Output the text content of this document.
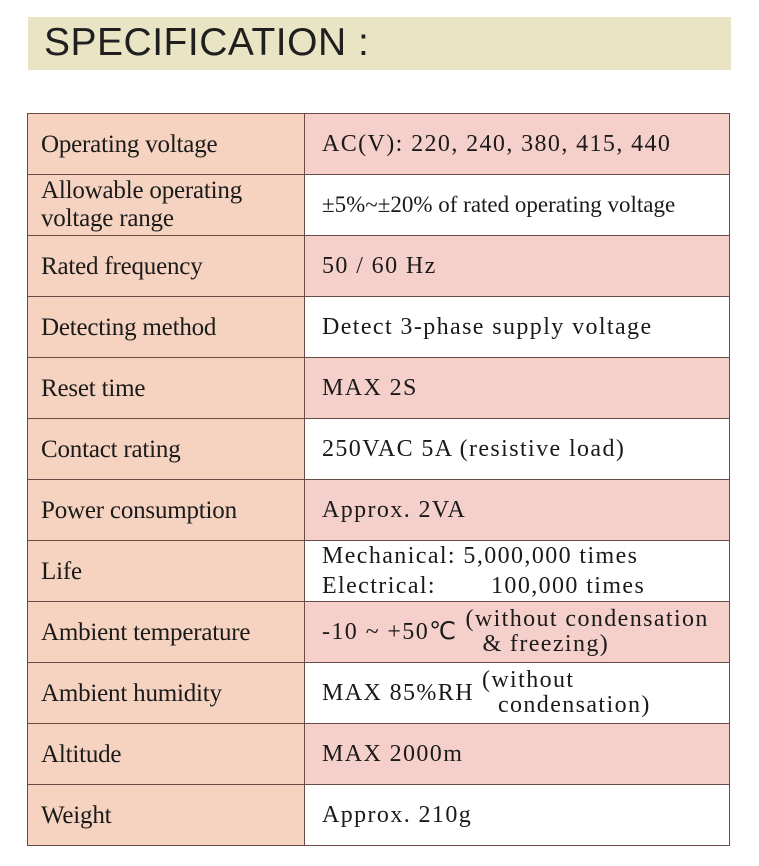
SPECIFICATION :
Operating voltage	AC(V): 220, 240, 380, 415, 440

Allowable operating
voltage range	±5%~±20% of rated operating voltage
Rated frequency	50 / 60 Hz
Detecting method	Detect 3-phase supply voltage
Reset time	MAX 2S
Contact rating	250VAC 5A (resistive load)
Power consumption	Approx. 2VA
Life	Mechanical: 5,000,000 times
Electrical: 100,000 times

Ambient temperature	-10 ~ +50℃ (without condensation
& freezing)

Ambient humidity	MAX 85%RH (without
condensation)

Altitude	MAX 2000m
Weight	Approx. 210g
